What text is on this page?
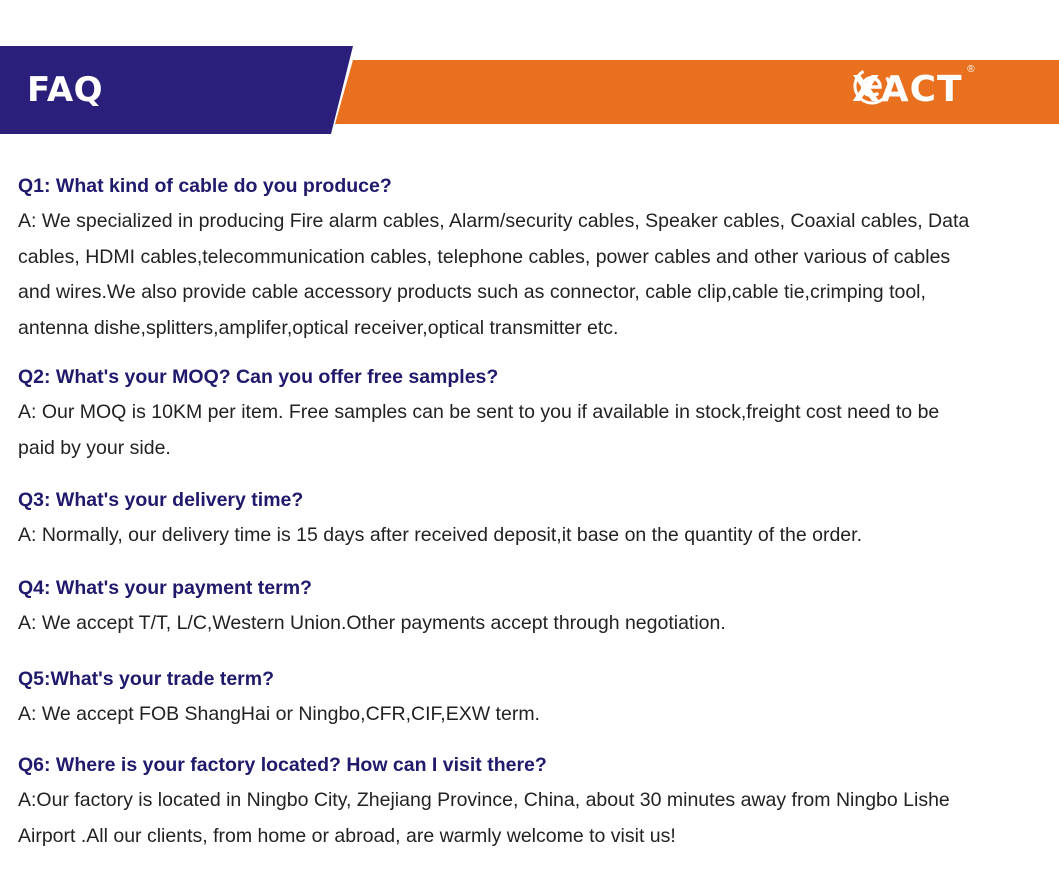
FAQ	XACT ®

Q1: What kind of cable do you produce?

A: We specialized in producing Fire alarm cables, Alarm/security cables, Speaker cables, Coaxial cables, Data
cables, HDMI cables,telecommunication cables, telephone cables, power cables and other various of cables
and wires.We also provide cable accessory products such as connector, cable clip,cable tie,crimping tool,
antenna dishe,splitters,amplifer,optical receiver,optical transmitter etc.

Q2: What's your MOQ? Can you offer free samples?

A: Our MOQ is 10KM per item. Free samples can be sent to you if available in stock,freight cost need to be
paid by your side.

Q3: What's your delivery time?

A: Normally, our delivery time is 15 days after received deposit,it base on the quantity of the order.

Q4: What's your payment term?

A: We accept T/T, L/C,Western Union.Other payments accept through negotiation.

Q5:What's your trade term?

A: We accept FOB ShangHai or Ningbo,CFR,CIF,EXW term.

Q6: Where is your factory located? How can I visit there?

A:Our factory is located in Ningbo City, Zhejiang Province, China, about 30 minutes away from Ningbo Lishe
Airport .All our clients, from home or abroad, are warmly welcome to visit us!
